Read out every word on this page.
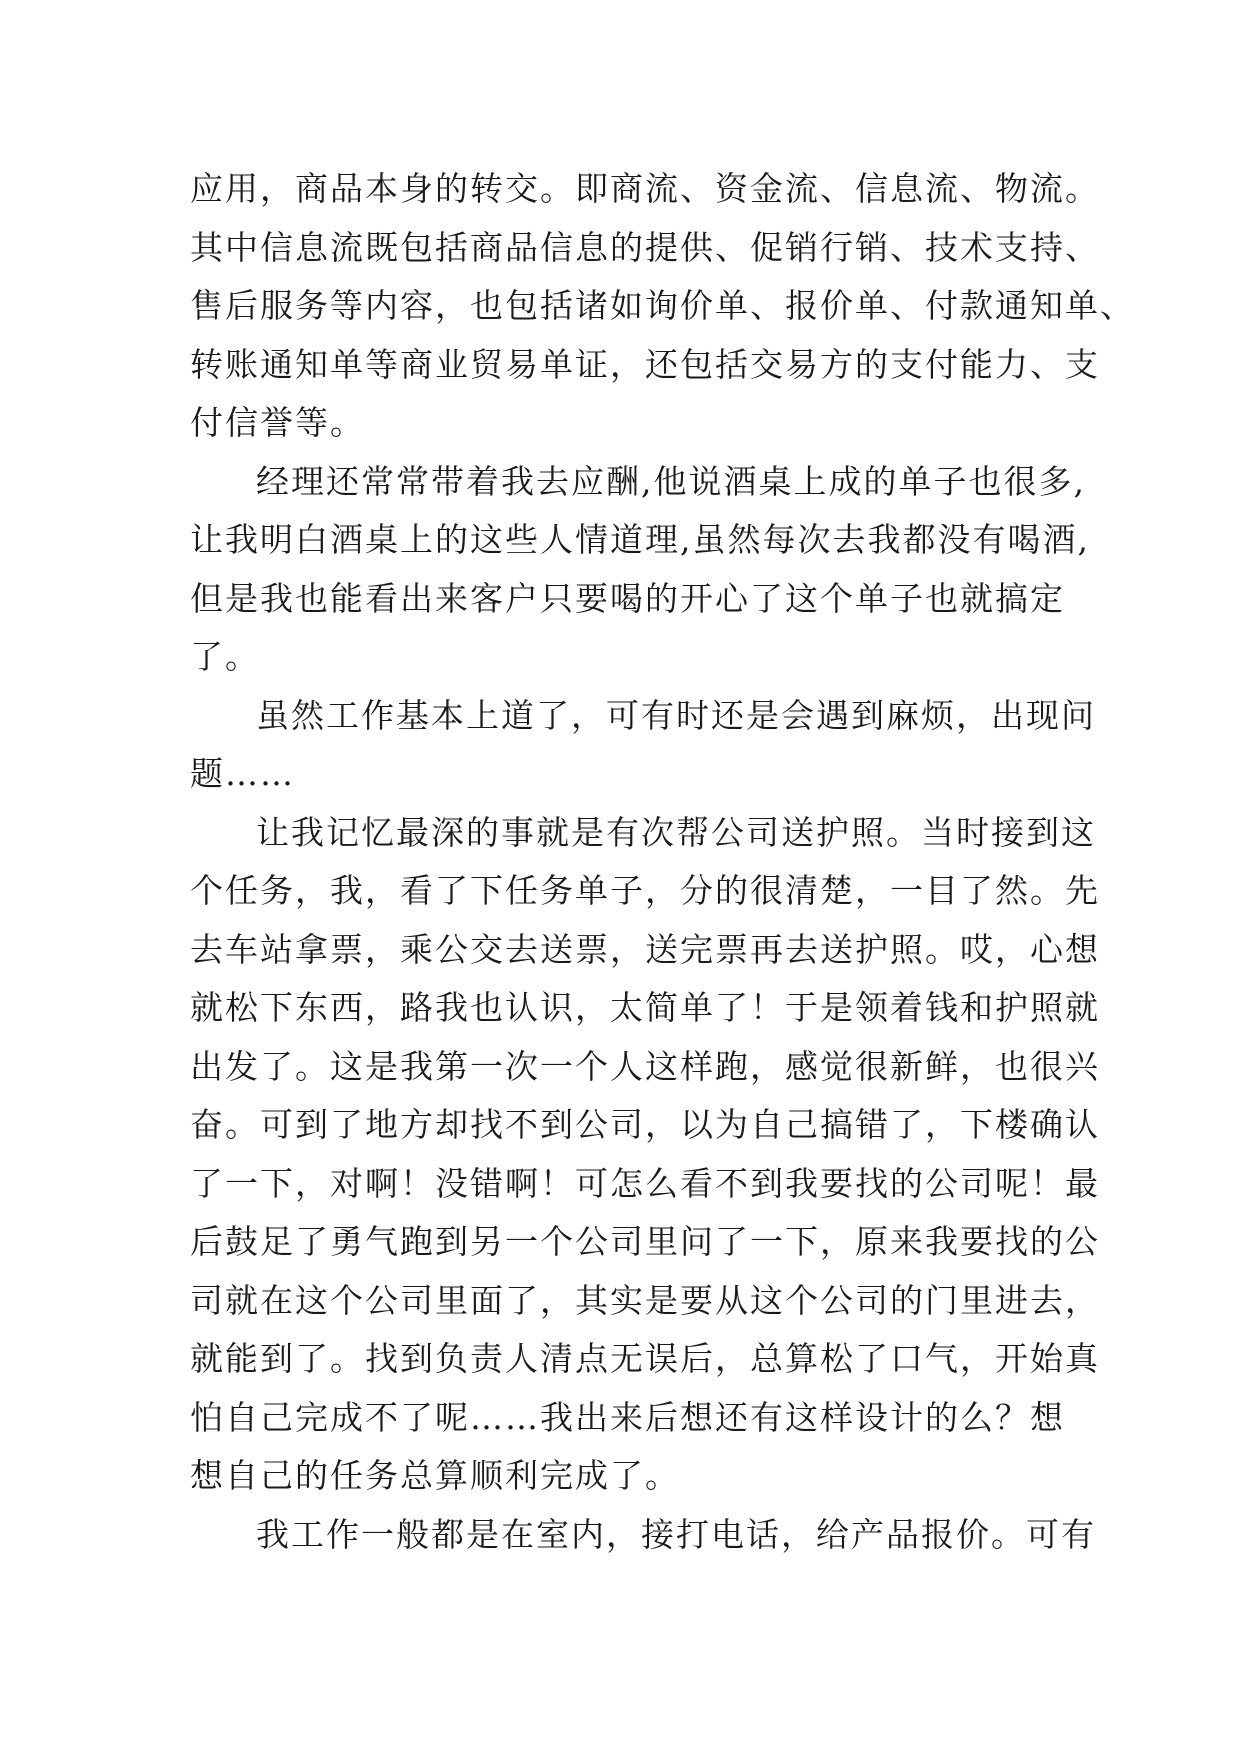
应用，商品本身的转交。即商流、资金流、信息流、物流。
其中信息流既包括商品信息的提供、促销行销、技术支持、
售后服务等内容，也包括诸如询价单、报价单、付款通知单、
转账通知单等商业贸易单证，还包括交易方的支付能力、支
付信誉等。
经理还常常带着我去应酬,他说酒桌上成的单子也很多,
让我明白酒桌上的这些人情道理,虽然每次去我都没有喝酒,
但是我也能看出来客户只要喝的开心了这个单子也就搞定
了。
虽然工作基本上道了，可有时还是会遇到麻烦，出现问
题……
让我记忆最深的事就是有次帮公司送护照。当时接到这
个任务，我，看了下任务单子，分的很清楚，一目了然。先
去车站拿票，乘公交去送票，送完票再去送护照。哎，心想
就松下东西，路我也认识，太简单了！于是领着钱和护照就
出发了。这是我第一次一个人这样跑，感觉很新鲜，也很兴
奋。可到了地方却找不到公司，以为自己搞错了，下楼确认
了一下，对啊！没错啊！可怎么看不到我要找的公司呢！最
后鼓足了勇气跑到另一个公司里问了一下，原来我要找的公
司就在这个公司里面了，其实是要从这个公司的门里进去，
就能到了。找到负责人清点无误后，总算松了口气，开始真
怕自己完成不了呢……我出来后想还有这样设计的么？想
想自己的任务总算顺利完成了。
我工作一般都是在室内，接打电话，给产品报价。可有
